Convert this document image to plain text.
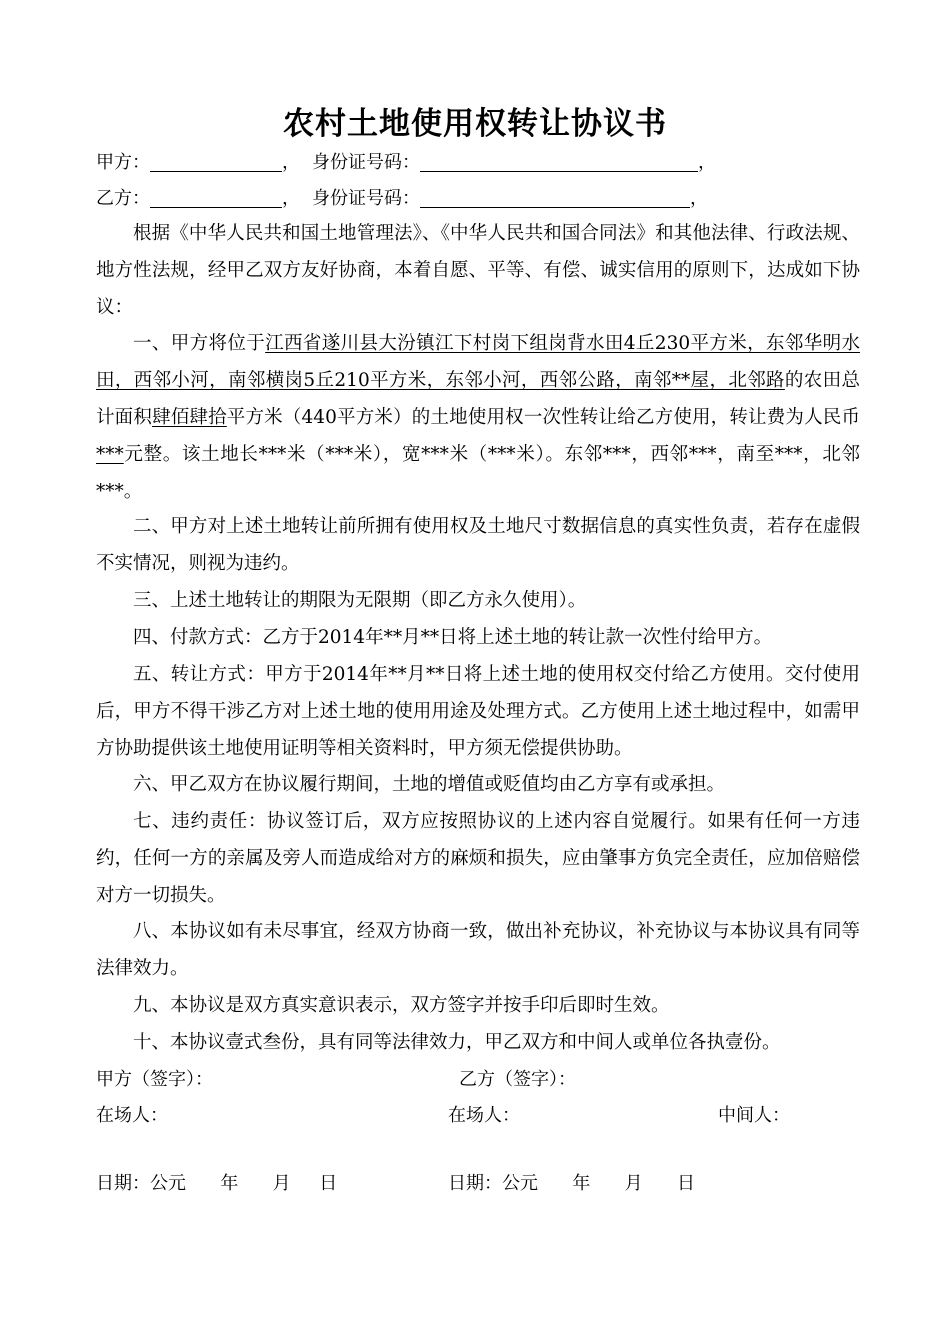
农村土地使用权转让协议书
甲方：	， 身份证号码：	，
乙方：	， 身份证号码：	，
根据《中华人民共和国土地管理法》、《中华人民共和国合同法》和其他法律、行政法规、地方性法规，经甲乙双方友好协商，本着自愿、平等、有偿、诚实信用的原则下，达成如下协议：
一、甲方将位于江西省遂川县大汾镇江下村岗下组岗背水田4丘230平方米，东邻华明水田，西邻小河，南邻横岗5丘210平方米，东邻小河，西邻公路，南邻**屋，北邻路的农田总计面积肆佰肆拾平方米（440平方米）的土地使用权一次性转让给乙方使用，转让费为人民币***元整。该土地长***米（***米），宽***米（***米）。东邻***，西邻***，南至***，北邻***。
二、甲方对上述土地转让前所拥有使用权及土地尺寸数据信息的真实性负责，若存在虚假不实情况，则视为违约。
三、上述土地转让的期限为无限期（即乙方永久使用）。
四、付款方式：乙方于2014年**月**日将上述土地的转让款一次性付给甲方。
五、转让方式：甲方于2014年**月**日将上述土地的使用权交付给乙方使用。交付使用后，甲方不得干涉乙方对上述土地的使用用途及处理方式。乙方使用上述土地过程中，如需甲方协助提供该土地使用证明等相关资料时，甲方须无偿提供协助。
六、甲乙双方在协议履行期间，土地的增值或贬值均由乙方享有或承担。
七、违约责任：协议签订后，双方应按照协议的上述内容自觉履行。如果有任何一方违约，任何一方的亲属及旁人而造成给对方的麻烦和损失，应由肇事方负完全责任，应加倍赔偿对方一切损失。
八、本协议如有未尽事宜，经双方协商一致，做出补充协议，补充协议与本协议具有同等法律效力。
九、本协议是双方真实意识表示，双方签字并按手印后即时生效。
十、本协议壹式叁份，具有同等法律效力，甲乙双方和中间人或单位各执壹份。
甲方（签字）：	乙方（签字）：
在场人：	在场人：	中间人：
日期：公元      年      月     日	日期：公元      年      月      日
